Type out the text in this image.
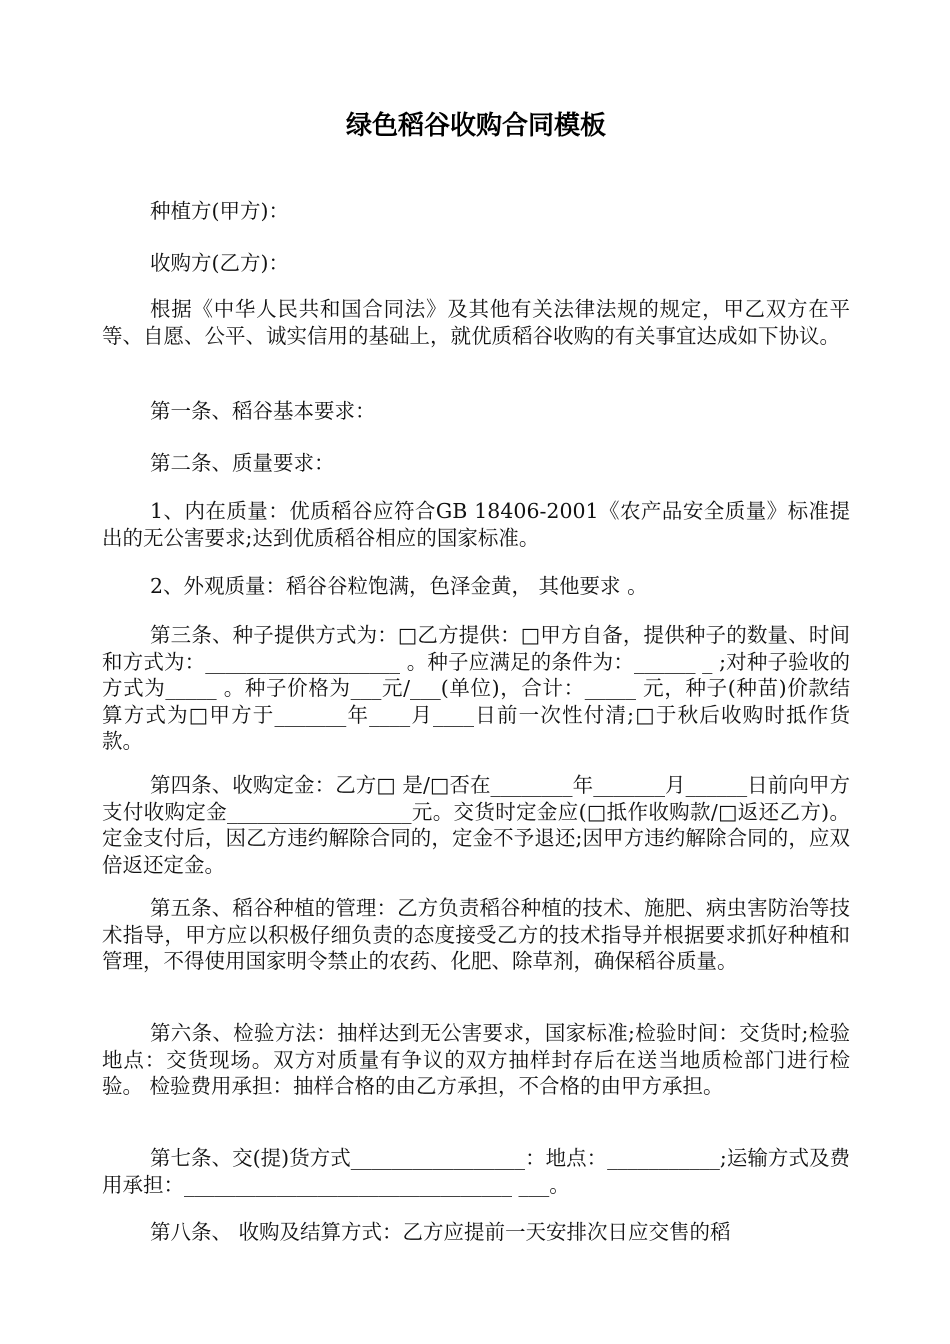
绿色稻谷收购合同模板

种植方(甲方)：

收购方(乙方)：

根据《中华人民共和国合同法》及其他有关法律法规的规定，甲乙双方在平等、自愿、公平、诚实信用的基础上，就优质稻谷收购的有关事宜达成如下协议。

第一条、稻谷基本要求：

第二条、质量要求：

1、内在质量：优质稻谷应符合GB 18406-2001《农产品安全质量》标准提出的无公害要求;达到优质稻谷相应的国家标准。

2、外观质量：稻谷谷粒饱满，色泽金黄， 其他要求 。

第三条、种子提供方式为：□乙方提供：□甲方自备，提供种子的数量、时间和方式为：___________________ 。种子应满足的条件为：______ _ ;对种子验收的方式为_____ 。种子价格为___元/___(单位)，合计：_____ 元，种子(种苗)价款结算方式为□甲方于_______年____月____日前一次性付清;□于秋后收购时抵作货款。

第四条、收购定金：乙方□ 是/□否在________年_______月______日前向甲方支付收购定金__________________元。交货时定金应(□抵作收购款/□返还乙方)。定金支付后，因乙方违约解除合同的，定金不予退还;因甲方违约解除合同的，应双倍返还定金。

第五条、稻谷种植的管理：乙方负责稻谷种植的技术、施肥、病虫害防治等技术指导，甲方应以积极仔细负责的态度接受乙方的技术指导并根据要求抓好种植和管理，不得使用国家明令禁止的农药、化肥、除草剂，确保稻谷质量。

第六条、检验方法：抽样达到无公害要求，国家标准;检验时间：交货时;检验地点：交货现场。双方对质量有争议的双方抽样封存后在送当地质检部门进行检验。 检验费用承担：抽样合格的由乙方承担，不合格的由甲方承担。

第七条、交(提)货方式_________________：地点：___________;运输方式及费用承担：________________________________ ___。

第八条、 收购及结算方式：乙方应提前一天安排次日应交售的稻
